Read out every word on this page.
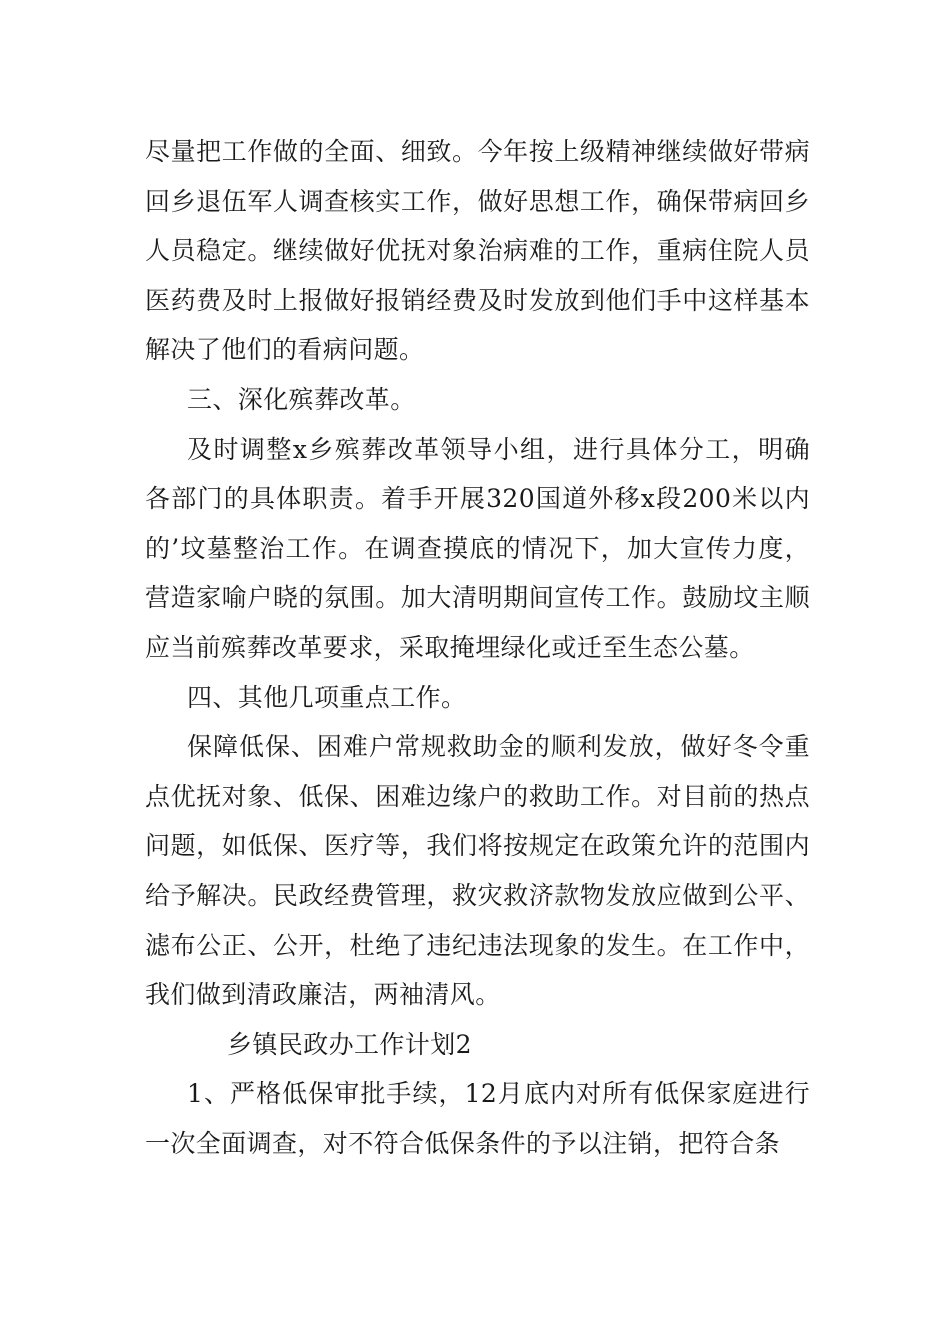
尽量把工作做的全面、细致。今年按上级精神继续做好带病回乡退伍军人调查核实工作，做好思想工作，确保带病回乡人员稳定。继续做好优抚对象治病难的工作，重病住院人员医药费及时上报做好报销经费及时发放到他们手中这样基本解决了他们的看病问题。

三、深化殡葬改革。

及时调整x乡殡葬改革领导小组，进行具体分工，明确各部门的具体职责。着手开展320国道外移x段200米以内的’坟墓整治工作。在调查摸底的情况下，加大宣传力度，营造家喻户晓的氛围。加大清明期间宣传工作。鼓励坟主顺应当前殡葬改革要求，采取掩埋绿化或迁至生态公墓。

四、其他几项重点工作。

保障低保、困难户常规救助金的顺利发放，做好冬令重点优抚对象、低保、困难边缘户的救助工作。对目前的热点问题，如低保、医疗等，我们将按规定在政策允许的范围内给予解决。民政经费管理，救灾救济款物发放应做到公平、滤布公正、公开，杜绝了违纪违法现象的发生。在工作中，我们做到清政廉洁，两袖清风。

乡镇民政办工作计划2

1、严格低保审批手续，12月底内对所有低保家庭进行一次全面调查，对不符合低保条件的予以注销，把符合条
